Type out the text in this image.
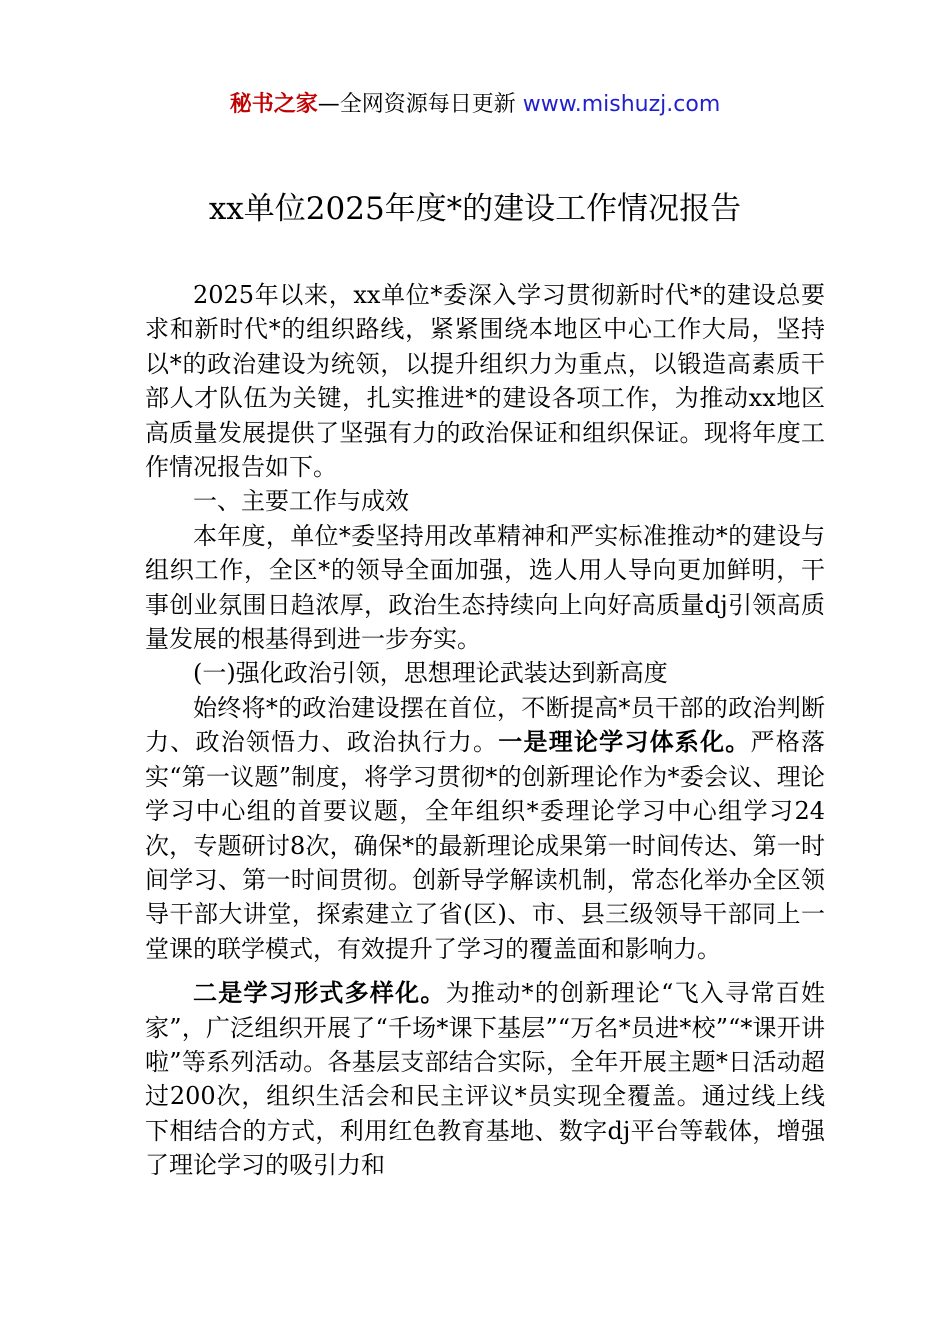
秘书之家—全网资源每日更新 www.mishuzj.com
xx单位2025年度*的建设工作情况报告

2025年以来，xx单位*委深入学习贯彻新时代*的建设总要求和新时代*的组织路线，紧紧围绕本地区中心工作大局，坚持以*的政治建设为统领，以提升组织力为重点，以锻造高素质干部人才队伍为关键，扎实推进*的建设各项工作，为推动xx地区高质量发展提供了坚强有力的政治保证和组织保证。现将年度工作情况报告如下。

一、主要工作与成效

本年度，单位*委坚持用改革精神和严实标准推动*的建设与组织工作，全区*的领导全面加强，选人用人导向更加鲜明，干事创业氛围日趋浓厚，政治生态持续向上向好高质量dj引领高质量发展的根基得到进一步夯实。

(一)强化政治引领，思想理论武装达到新高度

始终将*的政治建设摆在首位，不断提高*员干部的政治判断力、政治领悟力、政治执行力。一是理论学习体系化。严格落实“第一议题”制度，将学习贯彻*的创新理论作为*委会议、理论学习中心组的首要议题，全年组织*委理论学习中心组学习24次，专题研讨8次，确保*的最新理论成果第一时间传达、第一时间学习、第一时间贯彻。创新导学解读机制，常态化举办全区领导干部大讲堂，探索建立了省(区)、市、县三级领导干部同上一堂课的联学模式，有效提升了学习的覆盖面和影响力。

二是学习形式多样化。为推动*的创新理论“飞入寻常百姓家”，广泛组织开展了“千场*课下基层”“万名*员进*校”“*课开讲啦”等系列活动。各基层支部结合实际，全年开展主题*日活动超过200次，组织生活会和民主评议*员实现全覆盖。通过线上线下相结合的方式，利用红色教育基地、数字dj平台等载体，增强了理论学习的吸引力和
